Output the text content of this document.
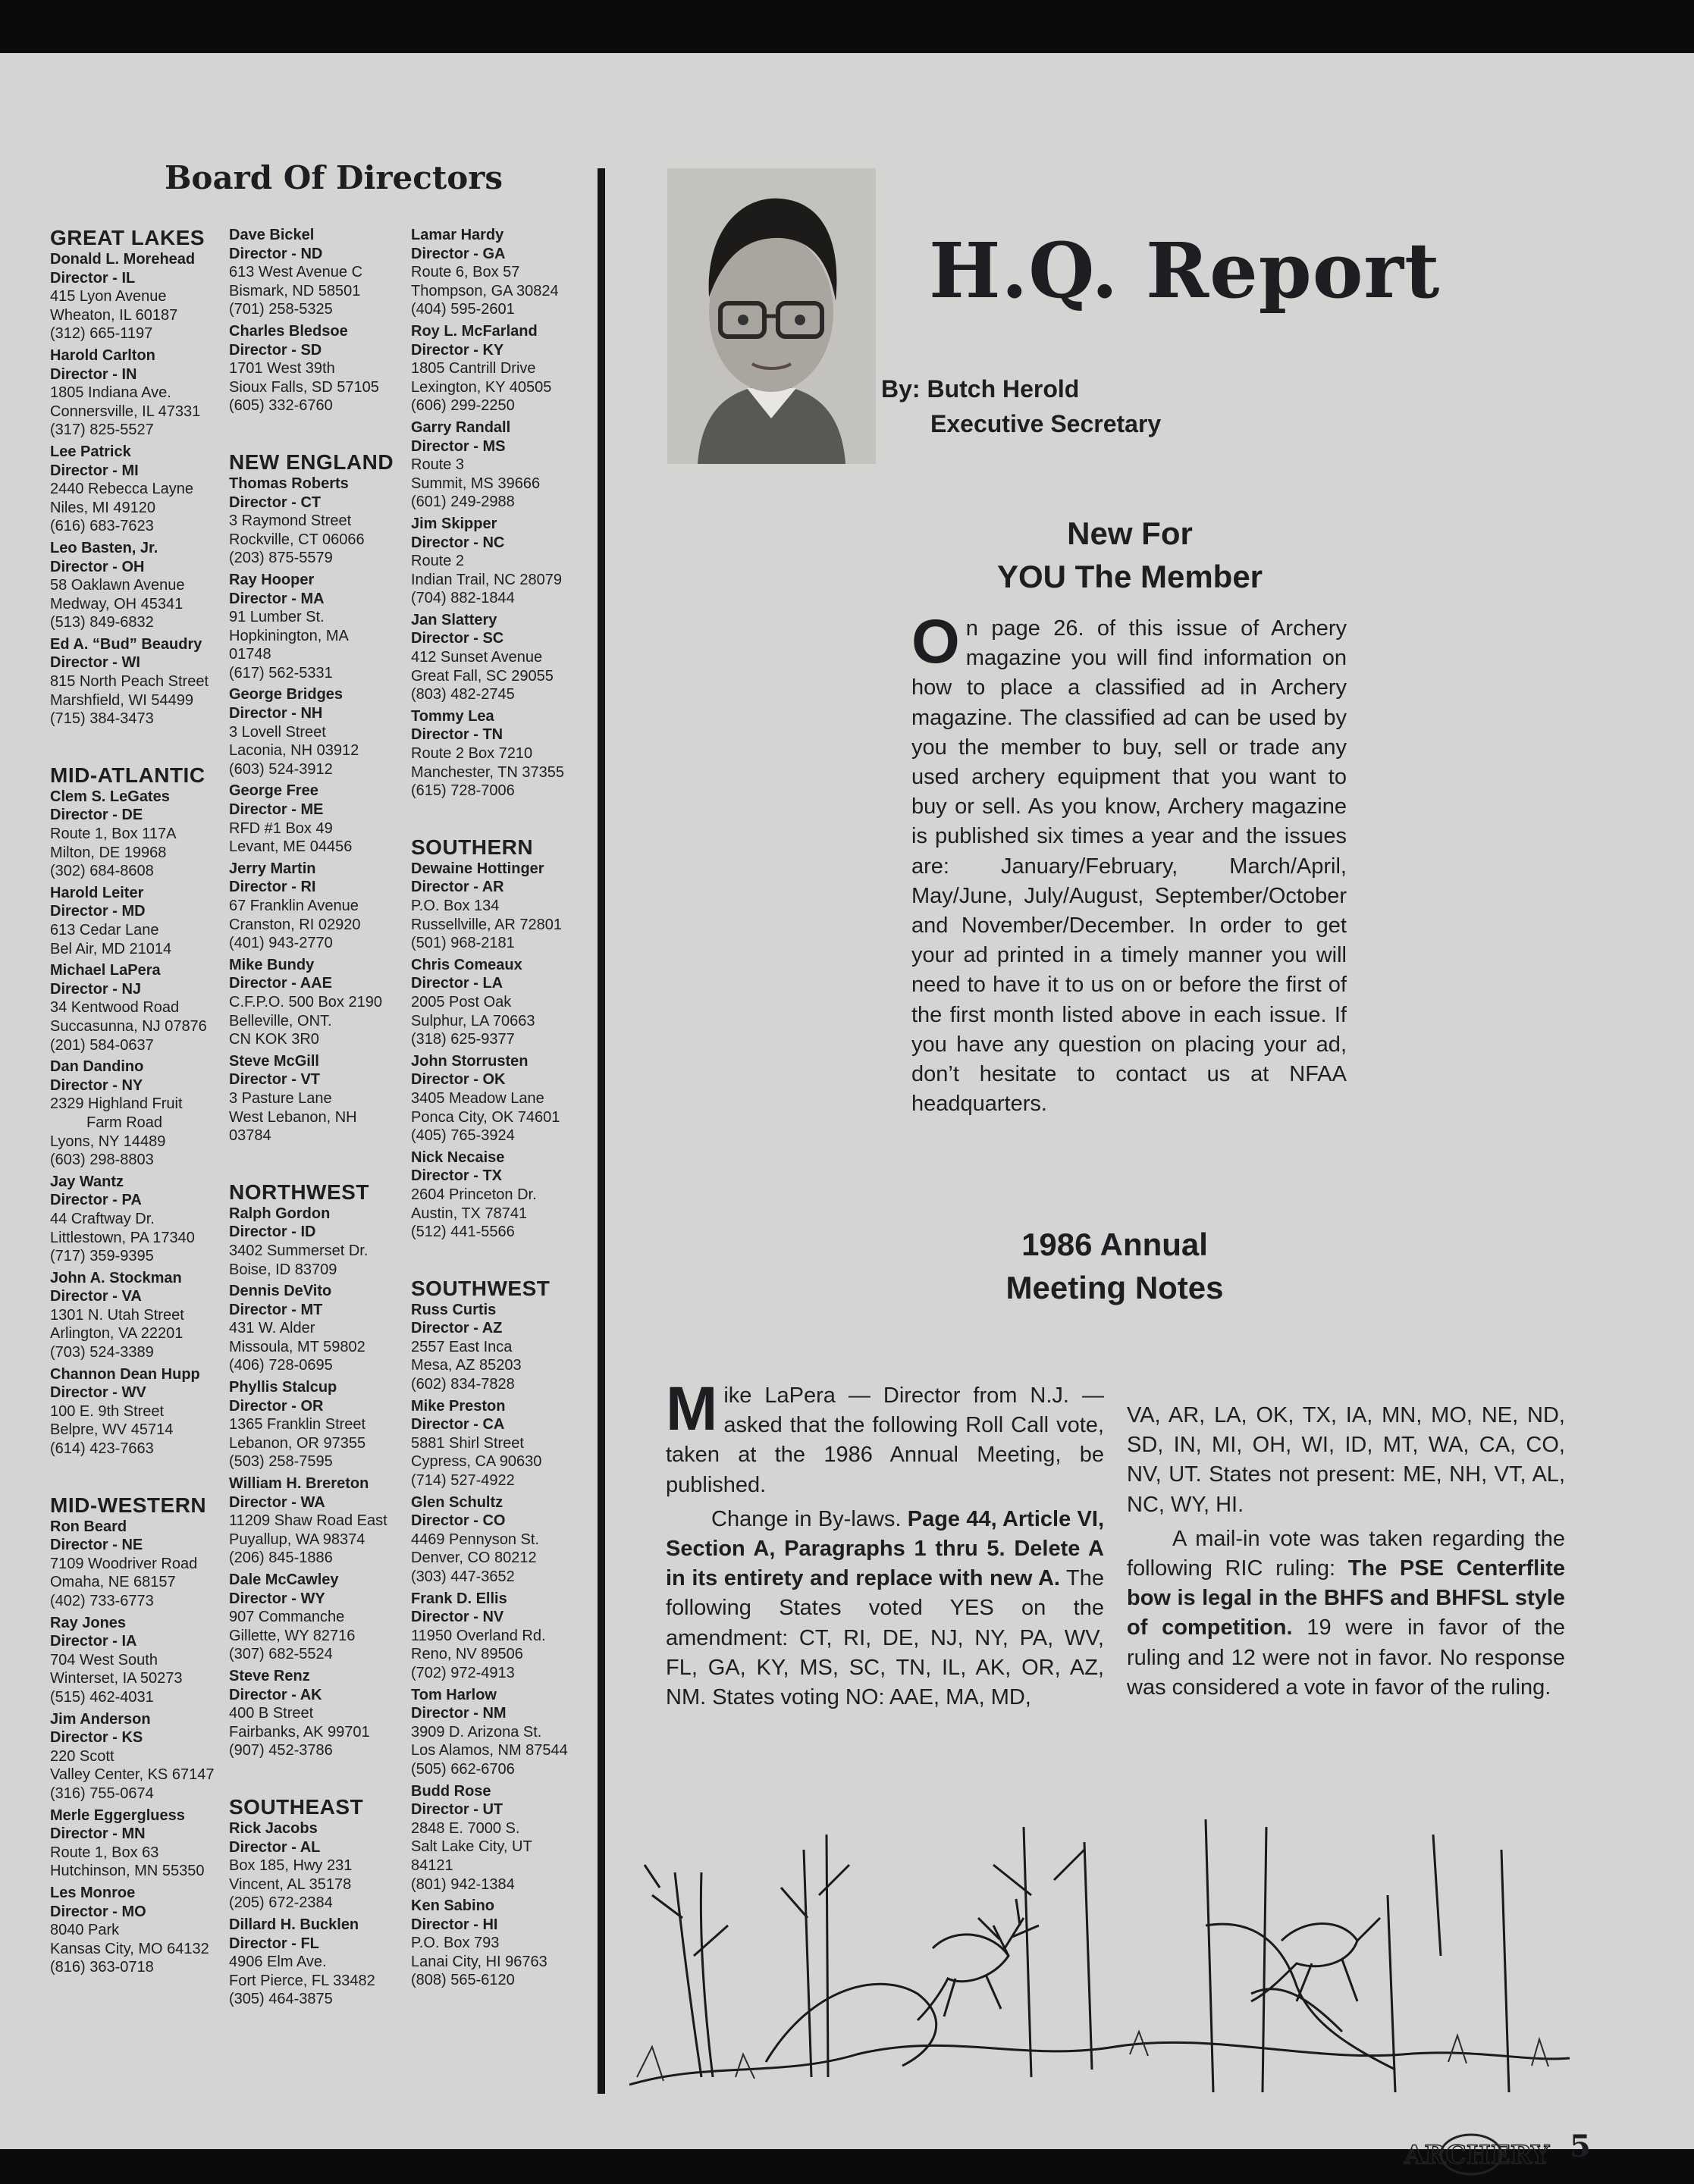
Board Of Directors
GREAT LAKES
Donald L. Morehead
Director - IL
415 Lyon Avenue
Wheaton, IL 60187
(312) 665-1197
Harold Carlton
Director - IN
1805 Indiana Ave.
Connersville, IL 47331
(317) 825-5527
Lee Patrick
Director - MI
2440 Rebecca Layne
Niles, MI 49120
(616) 683-7623
Leo Basten, Jr.
Director - OH
58 Oaklawn Avenue
Medway, OH 45341
(513) 849-6832
Ed A. “Bud” Beaudry
Director - WI
815 North Peach Street
Marshfield, WI 54499
(715) 384-3473
MID-ATLANTIC
Clem S. LeGates
Director - DE
Route 1, Box 117A
Milton, DE 19968
(302) 684-8608
Harold Leiter
Director - MD
613 Cedar Lane
Bel Air, MD 21014
Michael LaPera
Director - NJ
34 Kentwood Road
Succasunna, NJ 07876
(201) 584-0637
Dan Dandino
Director - NY
2329 Highland Fruit
Farm Road
Lyons, NY 14489
(603) 298-8803
Jay Wantz
Director - PA
44 Craftway Dr.
Littlestown, PA 17340
(717) 359-9395
John A. Stockman
Director - VA
1301 N. Utah Street
Arlington, VA 22201
(703) 524-3389
Channon Dean Hupp
Director - WV
100 E. 9th Street
Belpre, WV 45714
(614) 423-7663
MID-WESTERN
Ron Beard
Director - NE
7109 Woodriver Road
Omaha, NE 68157
(402) 733-6773
Ray Jones
Director - IA
704 West South
Winterset, IA 50273
(515) 462-4031
Jim Anderson
Director - KS
220 Scott
Valley Center, KS 67147
(316) 755-0674
Merle Eggergluess
Director - MN
Route 1, Box 63
Hutchinson, MN 55350
Les Monroe
Director - MO
8040 Park
Kansas City, MO 64132
(816) 363-0718
Dave Bickel
Director - ND
613 West Avenue C
Bismark, ND 58501
(701) 258-5325
Charles Bledsoe
Director - SD
1701 West 39th
Sioux Falls, SD 57105
(605) 332-6760
NEW ENGLAND
Thomas Roberts
Director - CT
3 Raymond Street
Rockville, CT 06066
(203) 875-5579
Ray Hooper
Director - MA
91 Lumber St.
Hopkinington, MA
01748
(617) 562-5331
George Bridges
Director - NH
3 Lovell Street
Laconia, NH 03912
(603) 524-3912
George Free
Director - ME
RFD #1 Box 49
Levant, ME 04456
Jerry Martin
Director - RI
67 Franklin Avenue
Cranston, RI 02920
(401) 943-2770
Mike Bundy
Director - AAE
C.F.P.O. 500 Box 2190
Belleville, ONT.
CN KOK 3R0
Steve McGill
Director - VT
3 Pasture Lane
West Lebanon, NH
03784
NORTHWEST
Ralph Gordon
Director - ID
3402 Summerset Dr.
Boise, ID 83709
Dennis DeVito
Director - MT
431 W. Alder
Missoula, MT 59802
(406) 728-0695
Phyllis Stalcup
Director - OR
1365 Franklin Street
Lebanon, OR 97355
(503) 258-7595
William H. Brereton
Director - WA
11209 Shaw Road East
Puyallup, WA 98374
(206) 845-1886
Dale McCawley
Director - WY
907 Commanche
Gillette, WY 82716
(307) 682-5524
Steve Renz
Director - AK
400 B Street
Fairbanks, AK 99701
(907) 452-3786
SOUTHEAST
Rick Jacobs
Director - AL
Box 185, Hwy 231
Vincent, AL 35178
(205) 672-2384
Dillard H. Bucklen
Director - FL
4906 Elm Ave.
Fort Pierce, FL 33482
(305) 464-3875
Lamar Hardy
Director - GA
Route 6, Box 57
Thompson, GA 30824
(404) 595-2601
Roy L. McFarland
Director - KY
1805 Cantrill Drive
Lexington, KY 40505
(606) 299-2250
Garry Randall
Director - MS
Route 3
Summit, MS 39666
(601) 249-2988
Jim Skipper
Director - NC
Route 2
Indian Trail, NC 28079
(704) 882-1844
Jan Slattery
Director - SC
412 Sunset Avenue
Great Fall, SC 29055
(803) 482-2745
Tommy Lea
Director - TN
Route 2 Box 7210
Manchester, TN 37355
(615) 728-7006
SOUTHERN
Dewaine Hottinger
Director - AR
P.O. Box 134
Russellville, AR 72801
(501) 968-2181
Chris Comeaux
Director - LA
2005 Post Oak
Sulphur, LA 70663
(318) 625-9377
John Storrusten
Director - OK
3405 Meadow Lane
Ponca City, OK 74601
(405) 765-3924
Nick Necaise
Director - TX
2604 Princeton Dr.
Austin, TX 78741
(512) 441-5566
SOUTHWEST
Russ Curtis
Director - AZ
2557 East Inca
Mesa, AZ 85203
(602) 834-7828
Mike Preston
Director - CA
5881 Shirl Street
Cypress, CA 90630
(714) 527-4922
Glen Schultz
Director - CO
4469 Pennyson St.
Denver, CO 80212
(303) 447-3652
Frank D. Ellis
Director - NV
11950 Overland Rd.
Reno, NV 89506
(702) 972-4913
Tom Harlow
Director - NM
3909 D. Arizona St.
Los Alamos, NM 87544
(505) 662-6706
Budd Rose
Director - UT
2848 E. 7000 S.
Salt Lake City, UT
84121
(801) 942-1384
Ken Sabino
Director - HI
P.O. Box 793
Lanai City, HI 96763
(808) 565-6120
H.Q. Report
By: Butch Herold
Executive Secretary
New For
YOU The Member
On page 26. of this issue of Archery magazine you will find information on how to place a classified ad in Archery magazine. The classified ad can be used by you the member to buy, sell or trade any used archery equipment that you want to buy or sell. As you know, Archery magazine is published six times a year and the issues are: January/February, March/April, May/June, July/August, September/October and November/December. In order to get your ad printed in a timely manner you will need to have it to us on or before the first of the first month listed above in each issue. If you have any question on placing your ad, don’t hesitate to contact us at NFAA headquarters.
1986 Annual
Meeting Notes

Mike LaPera — Director from N.J. — asked that the following Roll Call vote, taken at the 1986 Annual Meeting, be published.

Change in By-laws. Page 44, Article VI, Section A, Paragraphs 1 thru 5. Delete A in its entirety and replace with new A. The following States voted YES on the amendment: CT, RI, DE, NJ, NY, PA, WV, FL, GA, KY, MS, SC, TN, IL, AK, OR, AZ, NM. States voting NO: AAE, MA, MD,

VA, AR, LA, OK, TX, IA, MN, MO, NE, ND, SD, IN, MI, OH, WI, ID, MT, WA, CA, CO, NV, UT. States not present: ME, NH, VT, AL, NC, WY, HI.

A mail-in vote was taken regarding the following RIC ruling: The PSE Centerflite bow is legal in the BHFS and BHFSL style of competition. 19 were in favor of the ruling and 12 were not in favor. No response was considered a vote in favor of the ruling.

ARCHERY 5
